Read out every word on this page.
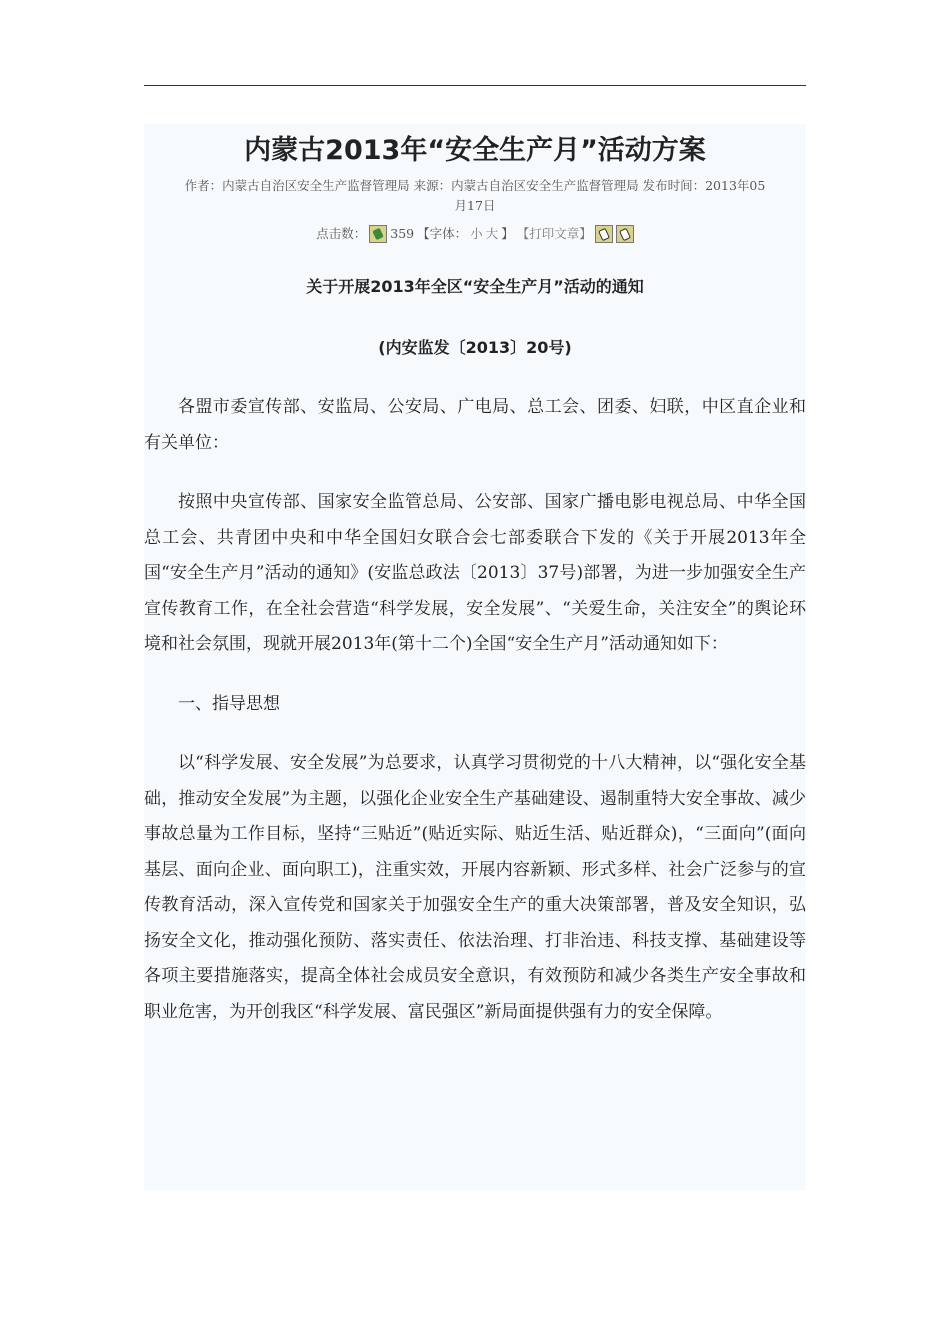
内蒙古2013年“安全生产月”活动方案
作者：内蒙古自治区安全生产监督管理局 来源：内蒙古自治区安全生产监督管理局 发布时间：2013年05
月17日
点击数： 359 【字体： 小 大 】 【打印文章】
关于开展2013年全区“安全生产月”活动的通知
(内安监发〔2013〕20号)

各盟市委宣传部、安监局、公安局、广电局、总工会、团委、妇联，中区直企业和有关单位：

按照中央宣传部、国家安全监管总局、公安部、国家广播电影电视总局、中华全国总工会、共青团中央和中华全国妇女联合会七部委联合下发的《关于开展2013年全国“安全生产月”活动的通知》(安监总政法〔2013〕37号)部署，为进一步加强安全生产宣传教育工作，在全社会营造“科学发展，安全发展”、“关爱生命，关注安全”的舆论环境和社会氛围，现就开展2013年(第十二个)全国“安全生产月”活动通知如下：

一、指导思想

以“科学发展、安全发展”为总要求，认真学习贯彻党的十八大精神，以“强化安全基础，推动安全发展”为主题，以强化企业安全生产基础建设、遏制重特大安全事故、减少事故总量为工作目标，坚持“三贴近”(贴近实际、贴近生活、贴近群众)，“三面向”(面向基层、面向企业、面向职工)，注重实效，开展内容新颖、形式多样、社会广泛参与的宣传教育活动，深入宣传党和国家关于加强安全生产的重大决策部署，普及安全知识，弘扬安全文化，推动强化预防、落实责任、依法治理、打非治违、科技支撑、基础建设等各项主要措施落实，提高全体社会成员安全意识，有效预防和减少各类生产安全事故和职业危害，为开创我区“科学发展、富民强区”新局面提供强有力的安全保障。
